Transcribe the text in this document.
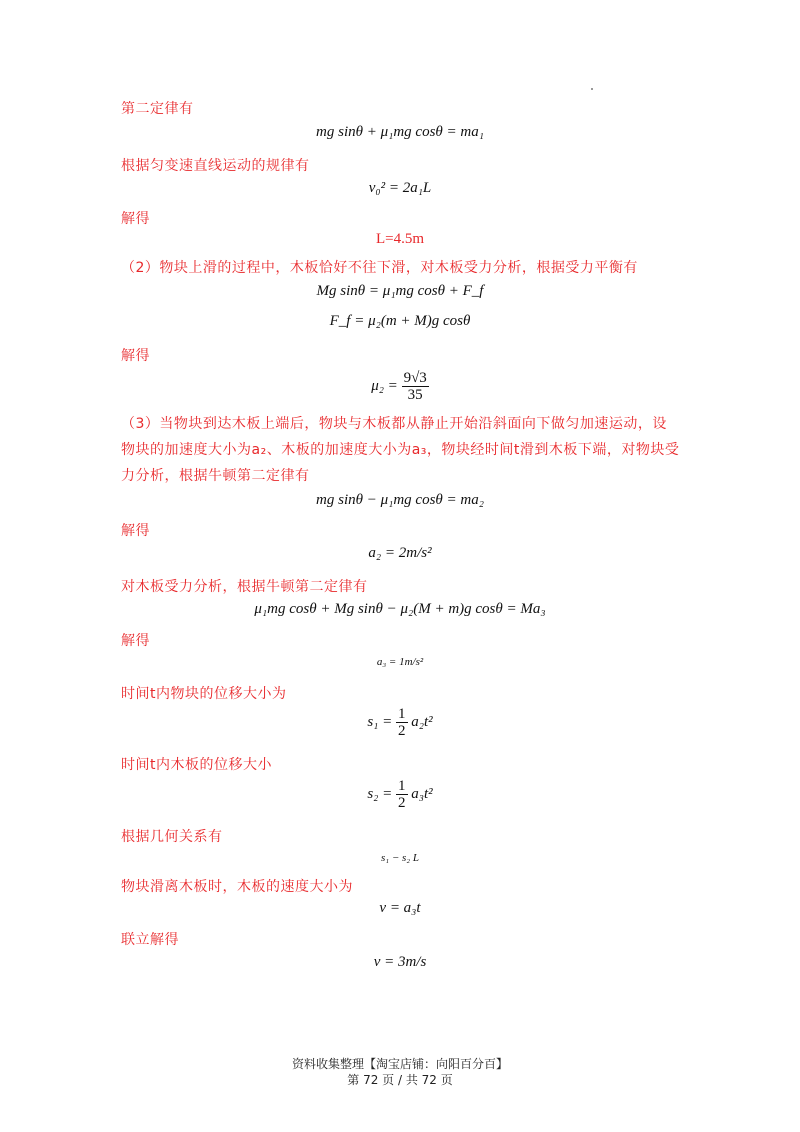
第二定律有
mg sinθ + μ₁mg cosθ = ma₁
根据匀变速直线运动的规律有
v₀² = 2a₁L
解得
L=4.5m
（2）物块上滑的过程中，木板恰好不往下滑，对木板受力分析，根据受力平衡有
Mg sinθ = μ₁mg cosθ + F_f
F_f = μ₂(m + M)g cosθ
解得
$\mu_2 = \frac{9√3}{35}$
（3）当物块到达木板上端后，物块与木板都从静止开始沿斜面向下做匀加速运动，设物块的加速度大小为a₂、木板的加速度大小为a₃，物块经时间t滑到木板下端，对物块受力分析，根据牛顿第二定律有
mg sinθ − μ₁mg cosθ = ma₂
解得
a₂ = 2m/s²
对木板受力分析，根据牛顿第二定律有
μ₁mg cosθ + Mg sinθ − μ₂(M + m)g cosθ = Ma₃
解得
a₃ = 1m/s²
时间t内物块的位移大小为
$s_1 = \frac{1}{2} a_2t^2$
时间t内木板的位移大小
$s_2 = \frac{1}{2} a_3t^2$
根据几何关系有
s₁ − s₂ L
物块滑离木板时，木板的速度大小为
v = a₃t
联立解得
v = 3m/s
资料收集整理【淘宝店铺：向阳百分百】
第 72 页 / 共 72 页
